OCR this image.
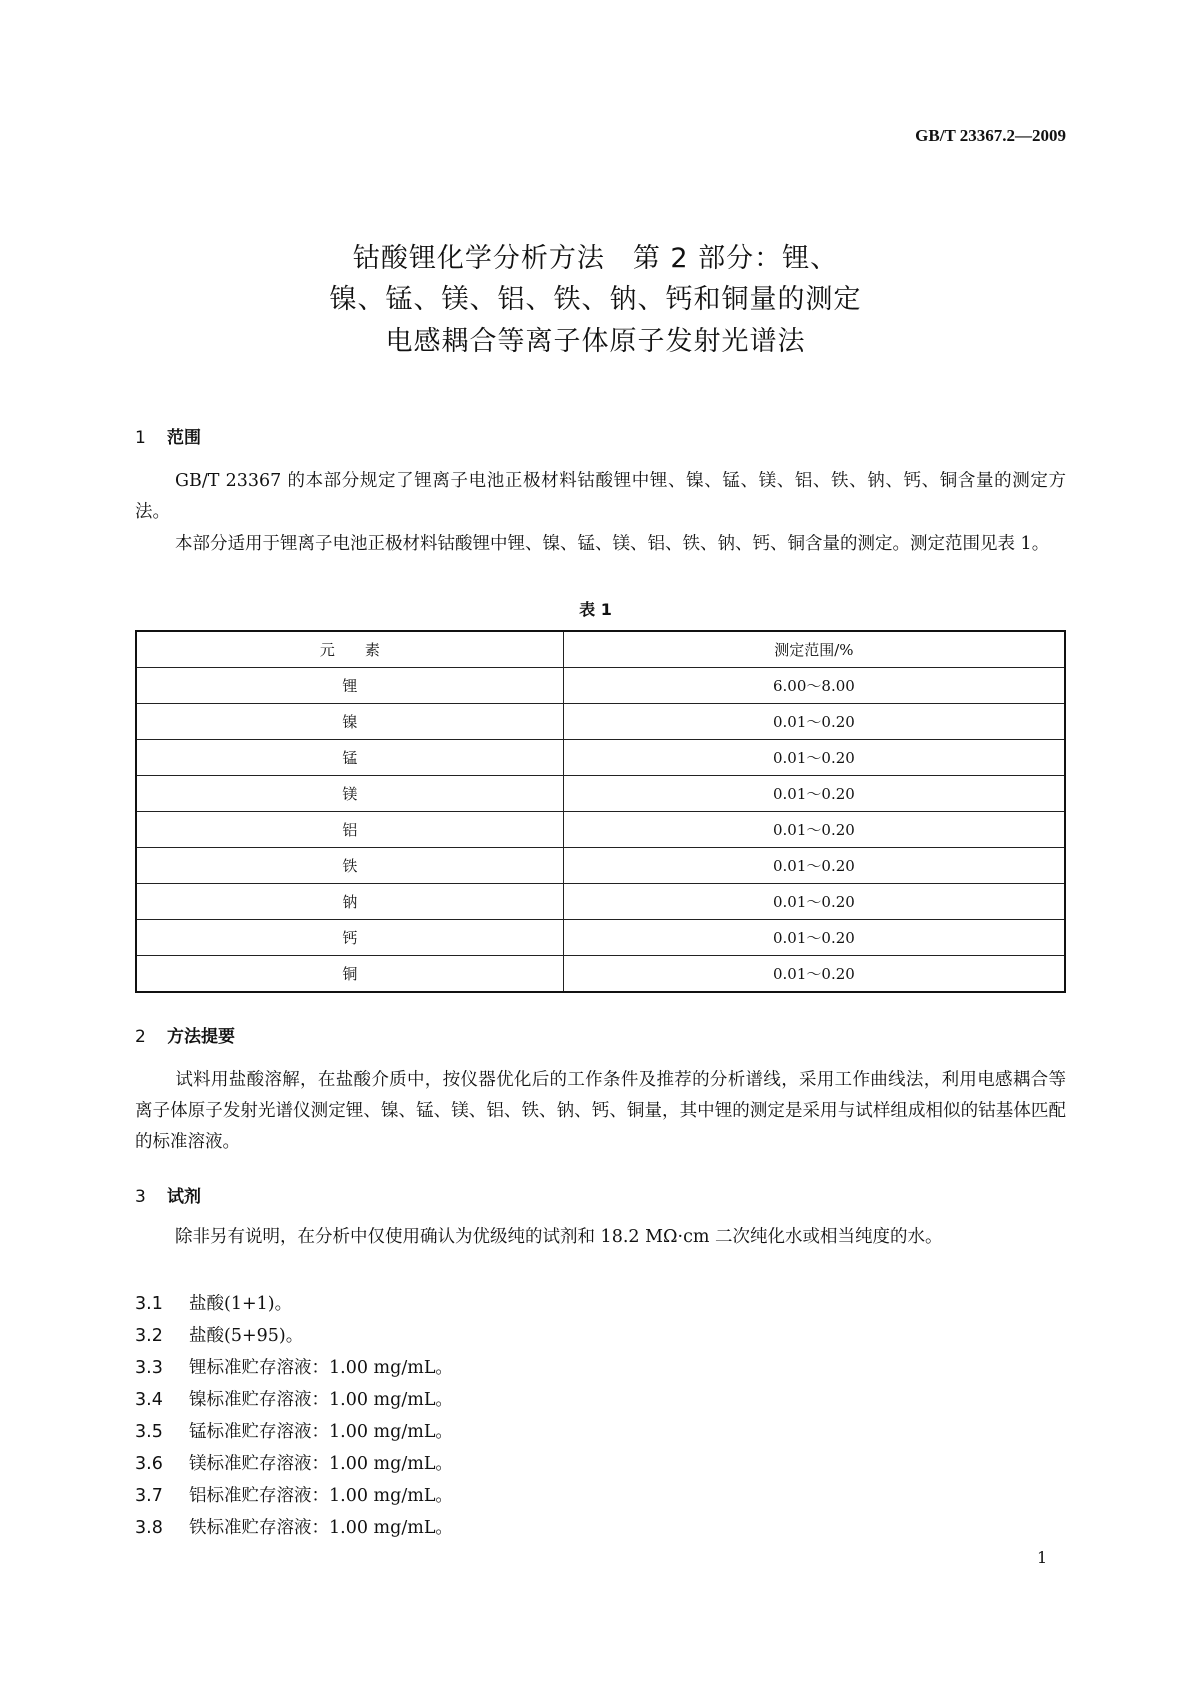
GB/T 23367.2—2009
钴酸锂化学分析方法　第 2 部分：锂、
镍、锰、镁、铝、铁、钠、钙和铜量的测定
电感耦合等离子体原子发射光谱法
1 范围
GB/T 23367 的本部分规定了锂离子电池正极材料钴酸锂中锂、镍、锰、镁、铝、铁、钠、钙、铜含量的测定方法。
本部分适用于锂离子电池正极材料钴酸锂中锂、镍、锰、镁、铝、铁、钠、钙、铜含量的测定。测定范围见表 1。
表 1
元　　素	测定范围/%
锂	6.00～8.00
镍	0.01～0.20
锰	0.01～0.20
镁	0.01～0.20
铝	0.01～0.20
铁	0.01～0.20
钠	0.01～0.20
钙	0.01～0.20
铜	0.01～0.20
2 方法提要
试料用盐酸溶解，在盐酸介质中，按仪器优化后的工作条件及推荐的分析谱线，采用工作曲线法，利用电感耦合等离子体原子发射光谱仪测定锂、镍、锰、镁、铝、铁、钠、钙、铜量，其中锂的测定是采用与试样组成相似的钴基体匹配的标准溶液。
3 试剂
除非另有说明，在分析中仅使用确认为优级纯的试剂和 18.2 MΩ·cm 二次纯化水或相当纯度的水。
3.1 盐酸(1+1)。
3.2 盐酸(5+95)。
3.3 锂标准贮存溶液：1.00 mg/mL。
3.4 镍标准贮存溶液：1.00 mg/mL。
3.5 锰标准贮存溶液：1.00 mg/mL。
3.6 镁标准贮存溶液：1.00 mg/mL。
3.7 铝标准贮存溶液：1.00 mg/mL。
3.8 铁标准贮存溶液：1.00 mg/mL。
1
